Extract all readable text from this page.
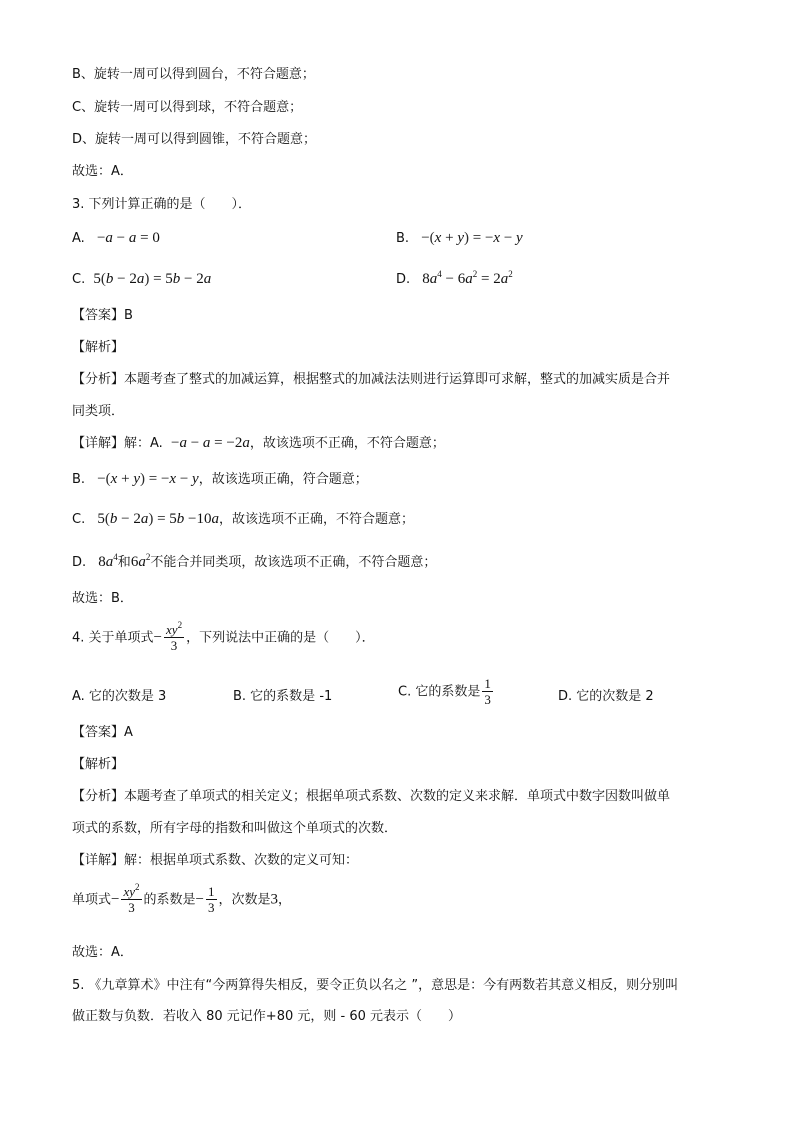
B、旋转一周可以得到圆台，不符合题意；
C、旋转一周可以得到球，不符合题意；
D、旋转一周可以得到圆锥，不符合题意；
故选：A．
3. 下列计算正确的是（　　）．
A. −a − a = 0	B. −(x + y) = −x − y
C. 5(b − 2a) = 5b − 2a	D. $8a^4 - 6a^2 = 2a^2$
【答案】B
【解析】
【分析】本题考查了整式的加减运算，根据整式的加减法法则进行运算即可求解，整式的加减实质是合并
同类项．
【详解】解：A. −a − a = −2a，故该选项不正确，不符合题意；
B. −(x + y) = −x − y，故该选项正确，符合题意；
C. 5(b − 2a) = 5b −10a，故该选项不正确，不符合题意；
D. $8a^4$和$6a^2$不能合并同类项，故该选项不正确，不符合题意；
故选：B．
4. 关于单项式− $\frac{xy^2}{3}$ ，下列说法中正确的是（　　）．
A. 它的次数是 3	B. 它的系数是 -1	C. 它的系数是 $\frac{1}{3}$	D. 它的次数是 2
【答案】A
【解析】
【分析】本题考查了单项式的相关定义；根据单项式系数、次数的定义来求解．单项式中数字因数叫做单
项式的系数，所有字母的指数和叫做这个单项式的次数．
【详解】解：根据单项式系数、次数的定义可知：
单项式− $\frac{xy^2}{3}$ 的系数是− $\frac{1}{3}$ ，次数是3，
故选：A．
5. 《九章算术》中注有“今两算得失相反，要令正负以名之 ”，意思是：今有两数若其意义相反，则分别叫
做正数与负数．若收入 80 元记作+80 元，则 - 60 元表示（　　）
